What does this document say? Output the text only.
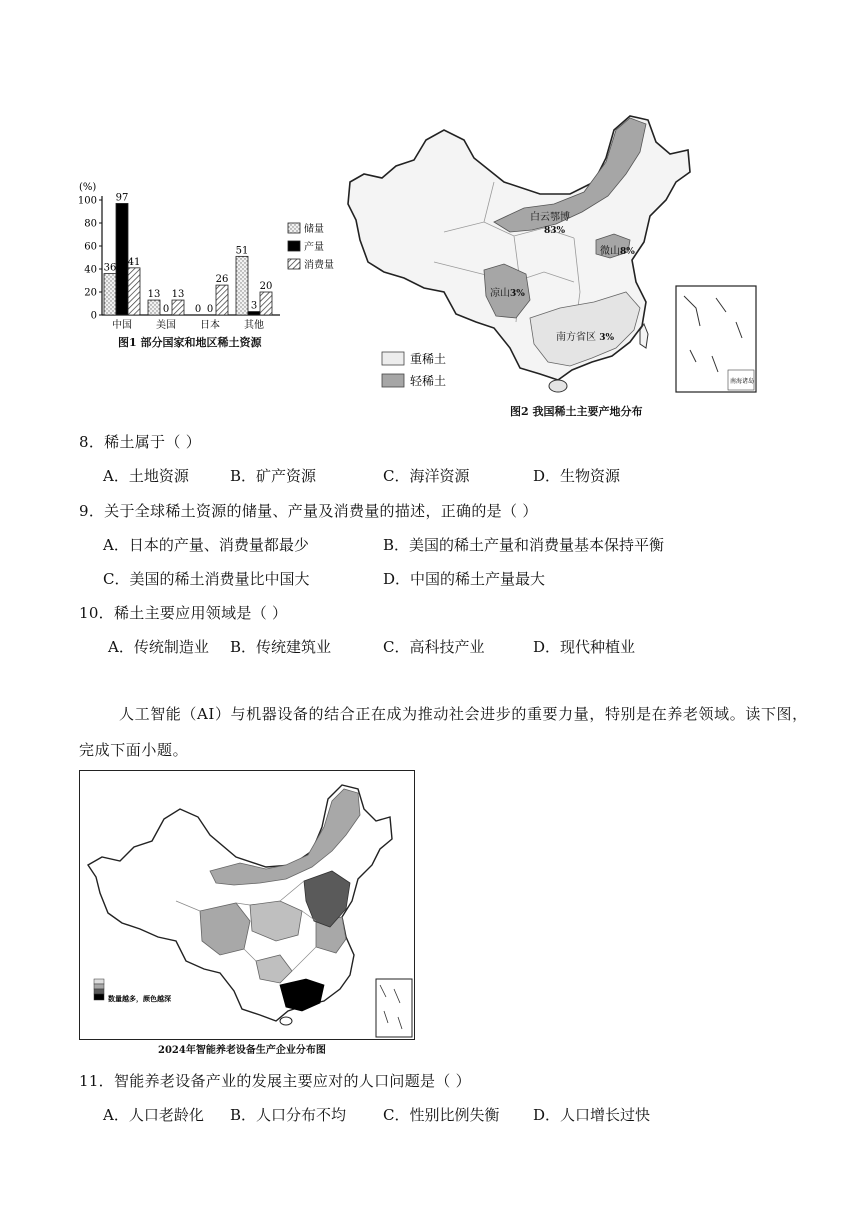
(%)
0
20
40
60
80
100
36
97
41
中国
13
0
13
美国
0 0
26
日本
51
3
20
其他
储量
产量
消费量
图1 部分国家和地区稀土资源
白云鄂博
83%
微山8%
凉山3%
南方省区 3%
重稀土
轻稀土	南海诸岛
图2 我国稀土主要产地分布
8．稀土属于（ ）
A．土地资源	B．矿产资源	C．海洋资源	D．生物资源
9．关于全球稀土资源的储量、产量及消费量的描述，正确的是（ ）
A．日本的产量、消费量都最少	B．美国的稀土产量和消费量基本保持平衡
C．美国的稀土消费量比中国大	D．中国的稀土产量最大
10．稀土主要应用领域是（ ）
A．传统制造业 B．传统建筑业	C．高科技产业	D．现代种植业
人工智能（AI）与机器设备的结合正在成为推动社会进步的重要力量，特别是在养老领域。读下图，
完成下面小题。
数量越多，颜色越深
2024年智能养老设备生产企业分布图
11．智能养老设备产业的发展主要应对的人口问题是（ ）
A．人口老龄化 B．人口分布不均 C．性别比例失衡 D．人口增长过快
